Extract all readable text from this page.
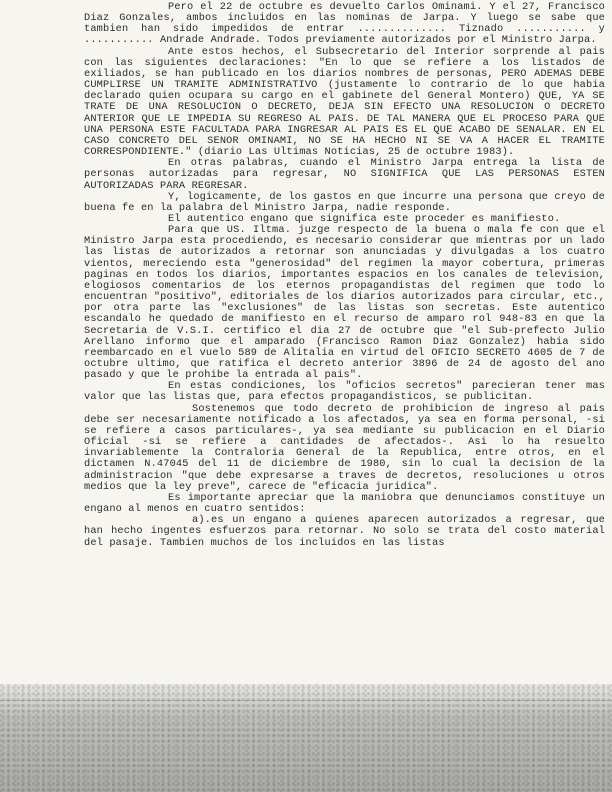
Pero el 22 de octubre es devuelto Carlos Ominami. Y el 27, Francisco Diaz Gonzales, ambos incluidos en las nominas de Jarpa. Y luego se sabe que tambien han sido impedidos de entrar .............. Tiznado ........... y ........... Andrade Andrade. Todos previamente autorizados por el Ministro Jarpa.

Ante estos hechos, el Subsecretario del Interior sorprende al pais con las siguientes declaraciones: "En lo que se refiere a los listados de exiliados, se han publicado en los diarios nombres de personas, PERO ADEMAS DEBE CUMPLIRSE UN TRAMITE ADMINISTRATIVO (justamente lo contrario de lo que habia declarado quien ocupara su cargo en el gabinete del General Montero) QUE, YA SE TRATE DE UNA RESOLUCION O DECRETO, DEJA SIN EFECTO UNA RESOLUCION O DECRETO ANTERIOR QUE LE IMPEDIA SU REGRESO AL PAIS. DE TAL MANERA QUE EL PROCESO PARA QUE UNA PERSONA ESTE FACULTADA PARA INGRESAR AL PAIS ES EL QUE ACABO DE SENALAR. EN EL CASO CONCRETO DEL SENOR OMINAMI, NO SE HA HECHO NI SE VA A HACER EL TRAMITE CORRESPONDIENTE." (diario Las Ultimas Noticias, 25 de octubre 1983).

En otras palabras, cuando el Ministro Jarpa entrega la lista de personas autorizadas para regresar, NO SIGNIFICA QUE LAS PERSONAS ESTEN AUTORIZADAS PARA REGRESAR.

Y, logicamente, de los gastos en que incurre una persona que creyo de buena fe en la palabra del Ministro Jarpa, nadie responde.

El autentico engano que significa este proceder es manifiesto.

Para que US. Iltma. juzge respecto de la buena o mala fe con que el Ministro Jarpa esta procediendo, es necesario considerar que mientras por un lado las listas de autorizados a retornar son anunciadas y divulgadas a los cuatro vientos, mereciendo esta "generosidad" del regimen la mayor cobertura, primeras paginas en todos los diarios, importantes espacios en los canales de television, elogiosos comentarios de los eternos propagandistas del regimen que todo lo encuentran "positivo", editoriales de los diarios autorizados para circular, etc., por otra parte las "exclusiones" de las listas son secretas. Este autentico escandalo he quedado de manifiesto en el recurso de amparo rol 948-83 en que la Secretaria de V.S.I. certifico el dia 27 de octubre que "el Sub-prefecto Julio Arellano informo que el amparado (Francisco Ramon Diaz Gonzalez) habia sido reembarcado en el vuelo 589 de Alitalia en virtud del OFICIO SECRETO 4605 de 7 de octubre ultimo, que ratifica el decreto anterior 3896 de 24 de agosto del ano pasado y que le prohibe la entrada al pais".

En estas condiciones, los "oficios secretos" parecieran tener mas valor que las listas que, para efectos propagandisticos, se publicitan.

Sostenemos que todo decreto de prohibicion de ingreso al pais debe ser necesariamente notificado a los afectados, ya sea en forma personal, -si se refiere a casos particulares-, ya sea mediante su publicacion en el Diario Oficial -si se refiere a cantidades de afectados-. Asi lo ha resuelto invariablemente la Contraloria General de la Republica, entre otros, en el dictamen N.47045 del 11 de diciembre de 1980, sin lo cual la decision de la administracion "que debe expresarse a traves de decretos, resoluciones u otros medios que la ley preve", carece de "eficacia juridica".

Es importante apreciar que la maniobra que denunciamos constituye un engano al menos en cuatro sentidos:

a).es un engano a quienes aparecen autorizados a regresar, que han hecho ingentes esfuerzos para retornar. No solo se trata del costo material del pasaje. Tambien muchos de los incluidos en las listas
